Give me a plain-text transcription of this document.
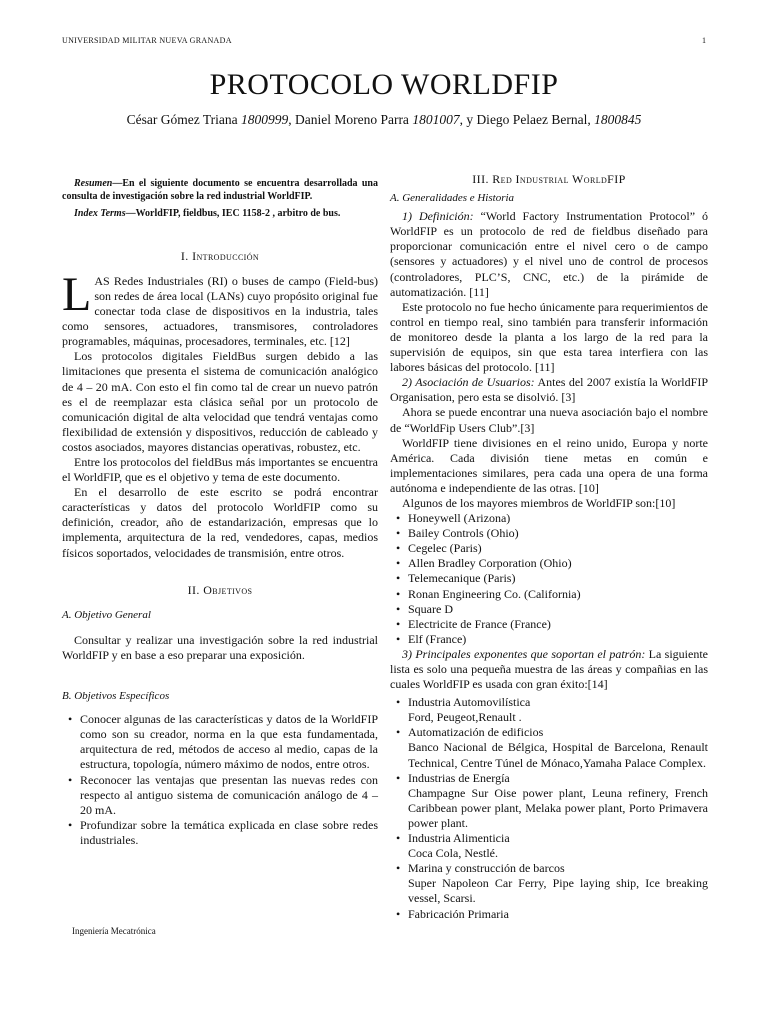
UNIVERSIDAD MILITAR NUEVA GRANADA	1
PROTOCOLO WORLDFIP
César Gómez Triana 1800999, Daniel Moreno Parra 1801007, y Diego Pelaez Bernal, 1800845

Resumen—En el siguiente documento se encuentra desarrollada una consulta de investigación sobre la red industrial WorldFIP.

Index Terms—WorldFIP, fieldbus, IEC 1158-2 , arbitro de bus.

I. Introducción

LAS Redes Industriales (RI) o buses de campo (Field-bus) son redes de área local (LANs) cuyo propósito original fue conectar toda clase de dispositivos en la industria, tales como sensores, actuadores, transmisores, controladores programables, máquinas, procesadores, terminales, etc. [12]

Los protocolos digitales FieldBus surgen debido a las limitaciones que presenta el sistema de comunicación analógico de 4 – 20 mA. Con esto el fin como tal de crear un nuevo patrón es el de reemplazar esta clásica señal por un protocolo de comunicación digital de alta velocidad que tendrá ventajas como flexibilidad de extensión y dispositivos, reducción de cableado y costos asociados, mayores distancias operativas, robustez, etc.

Entre los protocolos del fieldBus más importantes se encuentra el WorldFIP, que es el objetivo y tema de este documento.

En el desarrollo de este escrito se podrá encontrar características y datos del protocolo WorldFIP como su definición, creador, año de estandarización, empresas que lo implementa, arquitectura de la red, vendedores, capas, medios físicos soportados, velocidades de transmisión, entre otros.

II. Objetivos

A. Objetivo General

Consultar y realizar una investigación sobre la red industrial WorldFIP y en base a eso preparar una exposición.

B. Objetivos Específicos

• Conocer algunas de las características y datos de la WorldFIP como son su creador, norma en la que esta fundamentada, arquitectura de red, métodos de acceso al medio, capas de la estructura, topología, número máximo de nodos, entre otros.
• Reconocer las ventajas que presentan las nuevas redes con respecto al antiguo sistema de comunicación análogo de 4 – 20 mA.
• Profundizar sobre la temática explicada en clase sobre redes industriales.
III. Red Industrial WorldFIP

A. Generalidades e Historia

1) Definición: “World Factory Instrumentation Protocol” ó WorldFIP es un protocolo de red de fieldbus diseñado para proporcionar comunicación entre el nivel cero o de campo (sensores y actuadores) y el nivel uno de control de procesos (controladores, PLC’S, CNC, etc.) de la pirámide de automatización. [11]

Este protocolo no fue hecho únicamente para requerimientos de control en tiempo real, sino también para transferir información de monitoreo desde la planta a los largo de la red para la supervisión de equipos, sin que esta tarea interfiera con las labores básicas del protocolo. [11]

2) Asociación de Usuarios: Antes del 2007 existía la WorldFIP Organisation, pero esta se disolvió. [3]

Ahora se puede encontrar una nueva asociación bajo el nombre de “WorldFip Users Club”.[3]

WorldFIP tiene divisiones en el reino unido, Europa y norte América. Cada división tiene metas en común e implementaciones similares, pera cada una opera de una forma autónoma e independiente de las otras. [10]

Algunos de los mayores miembros de WorldFIP son:[10]

• Honeywell (Arizona)
• Bailey Controls (Ohio)
• Cegelec (Paris)
• Allen Bradley Corporation (Ohio)
• Telemecanique (Paris)
• Ronan Engineering Co. (California)
• Square D
• Electricite de France (France)
• Elf (France)

3) Principales exponentes que soportan el patrón: La siguiente lista es solo una pequeña muestra de las áreas y compañias en las cuales WorldFIP es usada con gran éxito:[14]

• Industria Automovilística
Ford, Peugeot,Renault .
• Automatización de edificios
Banco Nacional de Bélgica, Hospital de Barcelona, Renault Technical, Centre Túnel de Mónaco,Yamaha Palace Complex.
• Industrias de Energía
Champagne Sur Oise power plant, Leuna refinery, French Caribbean power plant, Melaka power plant, Porto Primavera power plant.
• Industria Alimenticia
Coca Cola, Nestlé.
• Marina y construcción de barcos
Super Napoleon Car Ferry, Pipe laying ship, Ice breaking vessel, Scarsi.
• Fabricación Primaria
Ingeniería Mecatrónica
